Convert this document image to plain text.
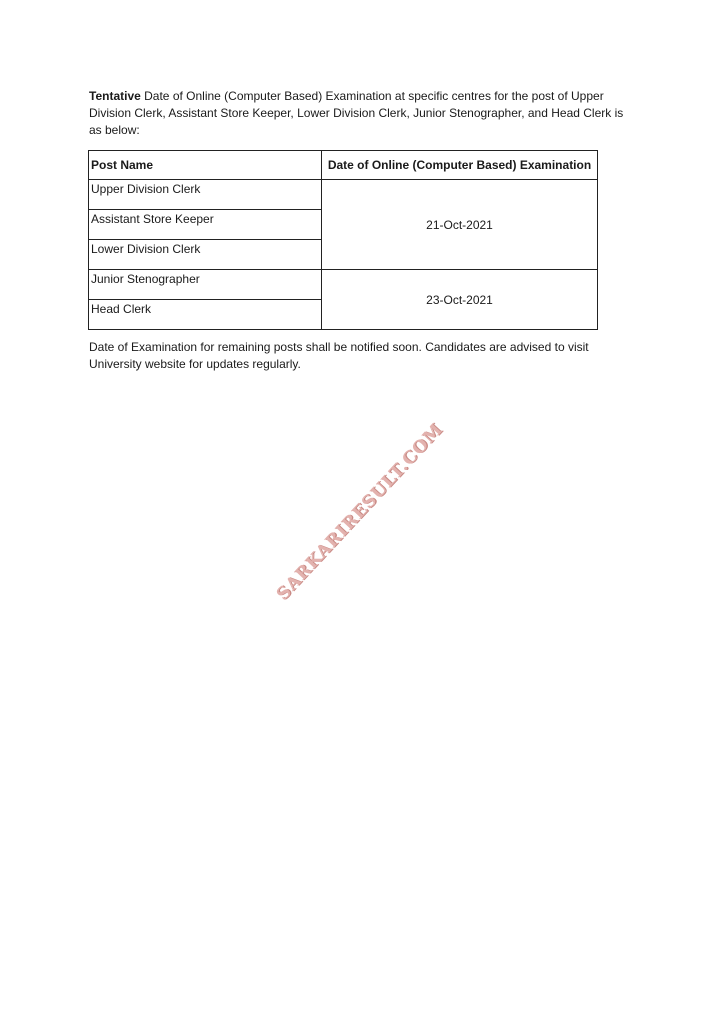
Tentative Date of Online (Computer Based) Examination at specific centres for the post of Upper Division Clerk, Assistant Store Keeper, Lower Division Clerk, Junior Stenographer, and Head Clerk is as below:

Post Name	Date of Online (Computer Based) Examination
Upper Division Clerk	21-Oct-2021
Assistant Store Keeper	
Lower Division Clerk	
Junior Stenographer	23-Oct-2021
Head Clerk	

Date of Examination for remaining posts shall be notified soon. Candidates are advised to visit University website for updates regularly.

SARKARIRESULT.COM
